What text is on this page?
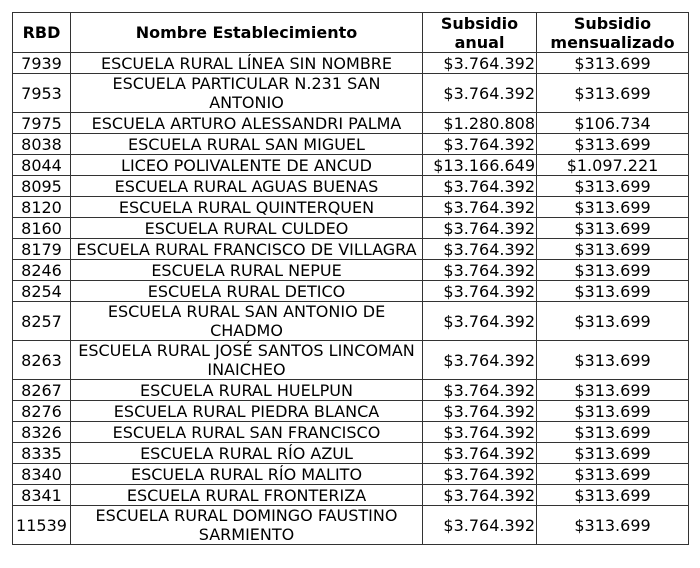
RBD	Nombre Establecimiento	Subsidio anual	Subsidio mensualizado
7939	ESCUELA RURAL LÍNEA SIN NOMBRE	$3.764.392	$313.699
7953	ESCUELA PARTICULAR N.231 SAN ANTONIO	$3.764.392	$313.699
7975	ESCUELA ARTURO ALESSANDRI PALMA	$1.280.808	$106.734
8038	ESCUELA RURAL SAN MIGUEL	$3.764.392	$313.699
8044	LICEO POLIVALENTE DE ANCUD	$13.166.649	$1.097.221
8095	ESCUELA RURAL AGUAS BUENAS	$3.764.392	$313.699
8120	ESCUELA RURAL QUINTERQUEN	$3.764.392	$313.699
8160	ESCUELA RURAL CULDEO	$3.764.392	$313.699
8179	ESCUELA RURAL FRANCISCO DE VILLAGRA	$3.764.392	$313.699
8246	ESCUELA RURAL NEPUE	$3.764.392	$313.699
8254	ESCUELA RURAL DETICO	$3.764.392	$313.699
8257	ESCUELA RURAL SAN ANTONIO DE CHADMO	$3.764.392	$313.699
8263	ESCUELA RURAL JOSÉ SANTOS LINCOMAN INAICHEO	$3.764.392	$313.699
8267	ESCUELA RURAL HUELPUN	$3.764.392	$313.699
8276	ESCUELA RURAL PIEDRA BLANCA	$3.764.392	$313.699
8326	ESCUELA RURAL SAN FRANCISCO	$3.764.392	$313.699
8335	ESCUELA RURAL RÍO AZUL	$3.764.392	$313.699
8340	ESCUELA RURAL RÍO MALITO	$3.764.392	$313.699
8341	ESCUELA RURAL FRONTERIZA	$3.764.392	$313.699
11539	ESCUELA RURAL DOMINGO FAUSTINO SARMIENTO	$3.764.392	$313.699
